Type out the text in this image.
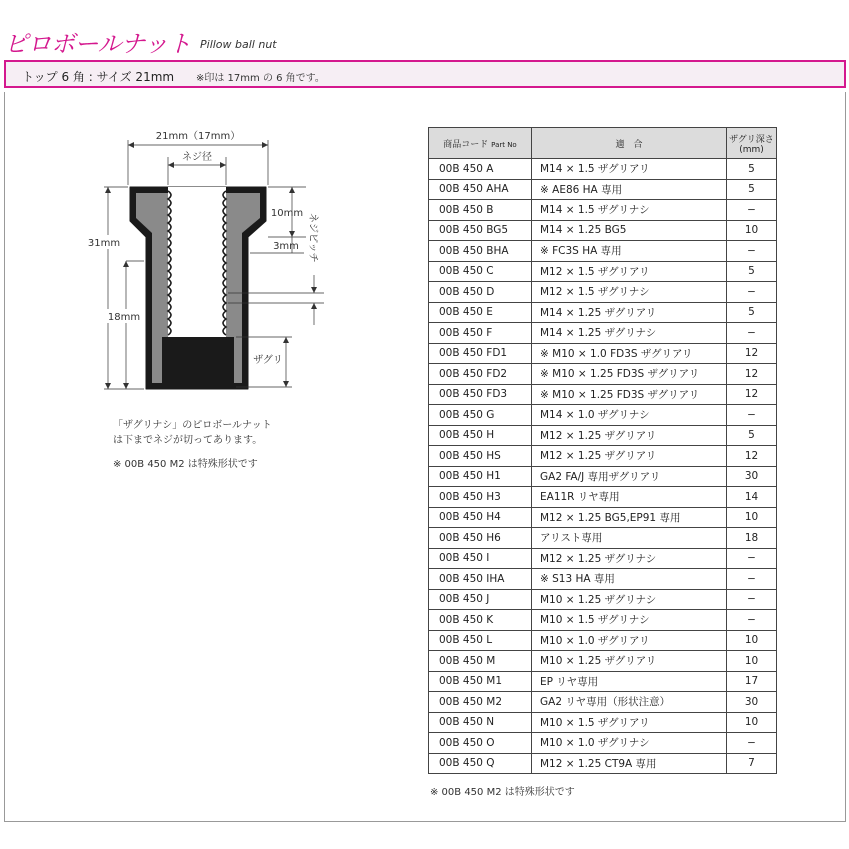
ピロボールナット Pillow ball nut
トップ 6 角 : サイズ 21mm ※印は 17mm の 6 角です。
21mm（17mm）
ネジ径
31mm
18mm
10mm
3mm ネジピッチ
ザグリ
「ザグリナシ」のピロボールナット
は下までネジが切ってあります。
※ 00B 450 M2 は特殊形状です
商品コード Part No	適　合	ザグリ深さ
(mm)

00B 450 A	M14 × 1.5 ザグリアリ	5
00B 450 AHA	※ AE86 HA 専用	5
00B 450 B	M14 × 1.5 ザグリナシ	−
00B 450 BG5	M14 × 1.25 BG5	10
00B 450 BHA	※ FC3S HA 専用	−
00B 450 C	M12 × 1.5 ザグリアリ	5
00B 450 D	M12 × 1.5 ザグリナシ	−
00B 450 E	M14 × 1.25 ザグリアリ	5
00B 450 F	M14 × 1.25 ザグリナシ	−
00B 450 FD1	※ M10 × 1.0 FD3S ザグリアリ	12
00B 450 FD2	※ M10 × 1.25 FD3S ザグリアリ	12
00B 450 FD3	※ M10 × 1.25 FD3S ザグリアリ	12
00B 450 G	M14 × 1.0 ザグリナシ	−
00B 450 H	M12 × 1.25 ザグリアリ	5
00B 450 HS	M12 × 1.25 ザグリアリ	12
00B 450 H1	GA2 FA/J 専用ザグリアリ	30
00B 450 H3	EA11R リヤ専用	14
00B 450 H4	M12 × 1.25 BG5,EP91 専用	10
00B 450 H6	アリスト専用	18
00B 450 I	M12 × 1.25 ザグリナシ	−
00B 450 IHA	※ S13 HA 専用	−
00B 450 J	M10 × 1.25 ザグリナシ	−
00B 450 K	M10 × 1.5 ザグリナシ	−
00B 450 L	M10 × 1.0 ザグリアリ	10
00B 450 M	M10 × 1.25 ザグリアリ	10
00B 450 M1	EP リヤ専用	17
00B 450 M2	GA2 リヤ専用（形状注意）	30
00B 450 N	M10 × 1.5 ザグリアリ	10
00B 450 O	M10 × 1.0 ザグリナシ	−
00B 450 Q	M12 × 1.25 CT9A 専用	7
※ 00B 450 M2 は特殊形状です
